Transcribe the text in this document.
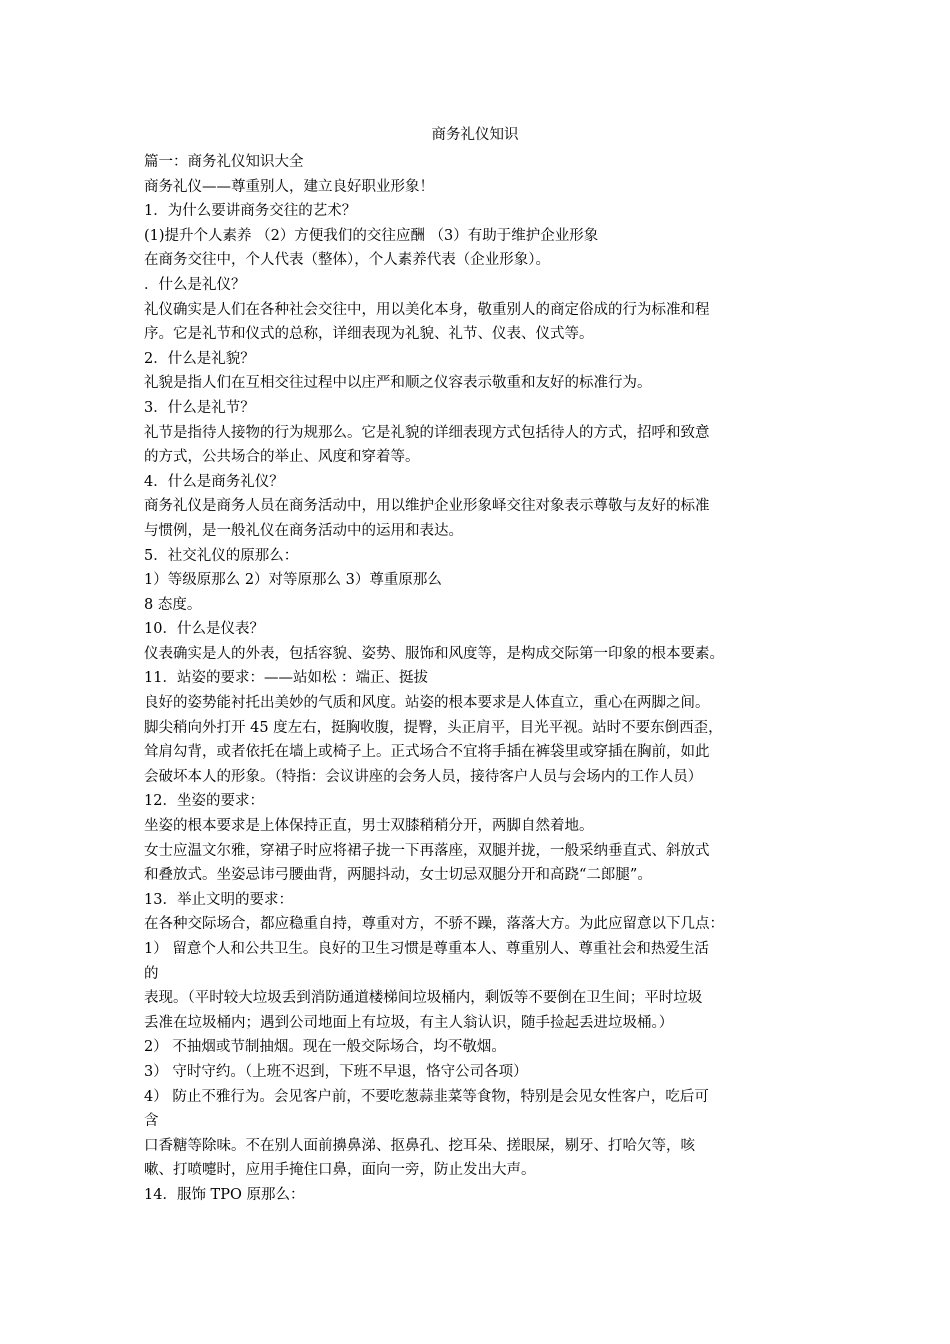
商务礼仪知识
篇一：商务礼仪知识大全
商务礼仪——尊重别人，建立良好职业形象！
1．为什么要讲商务交往的艺术？
(1)提升个人素养 （2）方便我们的交往应酬 （3）有助于维护企业形象
在商务交往中，个人代表（整体），个人素养代表（企业形象）。
．什么是礼仪？
礼仪确实是人们在各种社会交往中，用以美化本身，敬重别人的商定俗成的行为标准和程
序。它是礼节和仪式的总称，详细表现为礼貌、礼节、仪表、仪式等。
2．什么是礼貌？
礼貌是指人们在互相交往过程中以庄严和顺之仪容表示敬重和友好的标准行为。
3．什么是礼节？
礼节是指待人接物的行为规那么。它是礼貌的详细表现方式包括待人的方式，招呼和致意
的方式，公共场合的举止、风度和穿着等。
4．什么是商务礼仪？
商务礼仪是商务人员在商务活动中，用以维护企业形象峄交往对象表示尊敬与友好的标准
与惯例，是一般礼仪在商务活动中的运用和表达。
5．社交礼仪的原那么：
1）等级原那么 2）对等原那么 3）尊重原那么
8 态度。
10．什么是仪表？
仪表确实是人的外表，包括容貌、姿势、服饰和风度等，是构成交际第一印象的根本要素。
11．站姿的要求：——站如松 ：端正、挺拔
良好的姿势能衬托出美妙的气质和风度。站姿的根本要求是人体直立，重心在两脚之间。
脚尖稍向外打开 45 度左右，挺胸收腹，提臀，头正肩平，目光平视。站时不要东倒西歪，
耸肩勾背，或者依托在墙上或椅子上。正式场合不宜将手插在裤袋里或穿插在胸前，如此
会破坏本人的形象。（特指：会议讲座的会务人员，接待客户人员与会场内的工作人员）
12．坐姿的要求：
坐姿的根本要求是上体保持正直，男士双膝稍稍分开，两脚自然着地。
女士应温文尔雅，穿裙子时应将裙子拢一下再落座，双腿并拢，一般采纳垂直式、斜放式
和叠放式。坐姿忌讳弓腰曲背，两腿抖动，女士切忌双腿分开和高跷“二郎腿”。
13．举止文明的要求：
在各种交际场合，都应稳重自持，尊重对方，不骄不躁，落落大方。为此应留意以下几点：
1） 留意个人和公共卫生。良好的卫生习惯是尊重本人、尊重别人、尊重社会和热爱生活
的
表现。（平时较大垃圾丢到消防通道楼梯间垃圾桶内，剩饭等不要倒在卫生间；平时垃圾
丢准在垃圾桶内；遇到公司地面上有垃圾，有主人翁认识，随手捡起丢进垃圾桶。）
2） 不抽烟或节制抽烟。现在一般交际场合，均不敬烟。
3） 守时守约。（上班不迟到，下班不早退，恪守公司各项）
4） 防止不雅行为。会见客户前，不要吃葱蒜韭菜等食物，特别是会见女性客户，吃后可
含
口香糖等除味。不在别人面前擤鼻涕、抠鼻孔、挖耳朵、搓眼屎，剔牙、打哈欠等，咳
嗽、打喷嚏时，应用手掩住口鼻，面向一旁，防止发出大声。
14．服饰 TPO 原那么：
